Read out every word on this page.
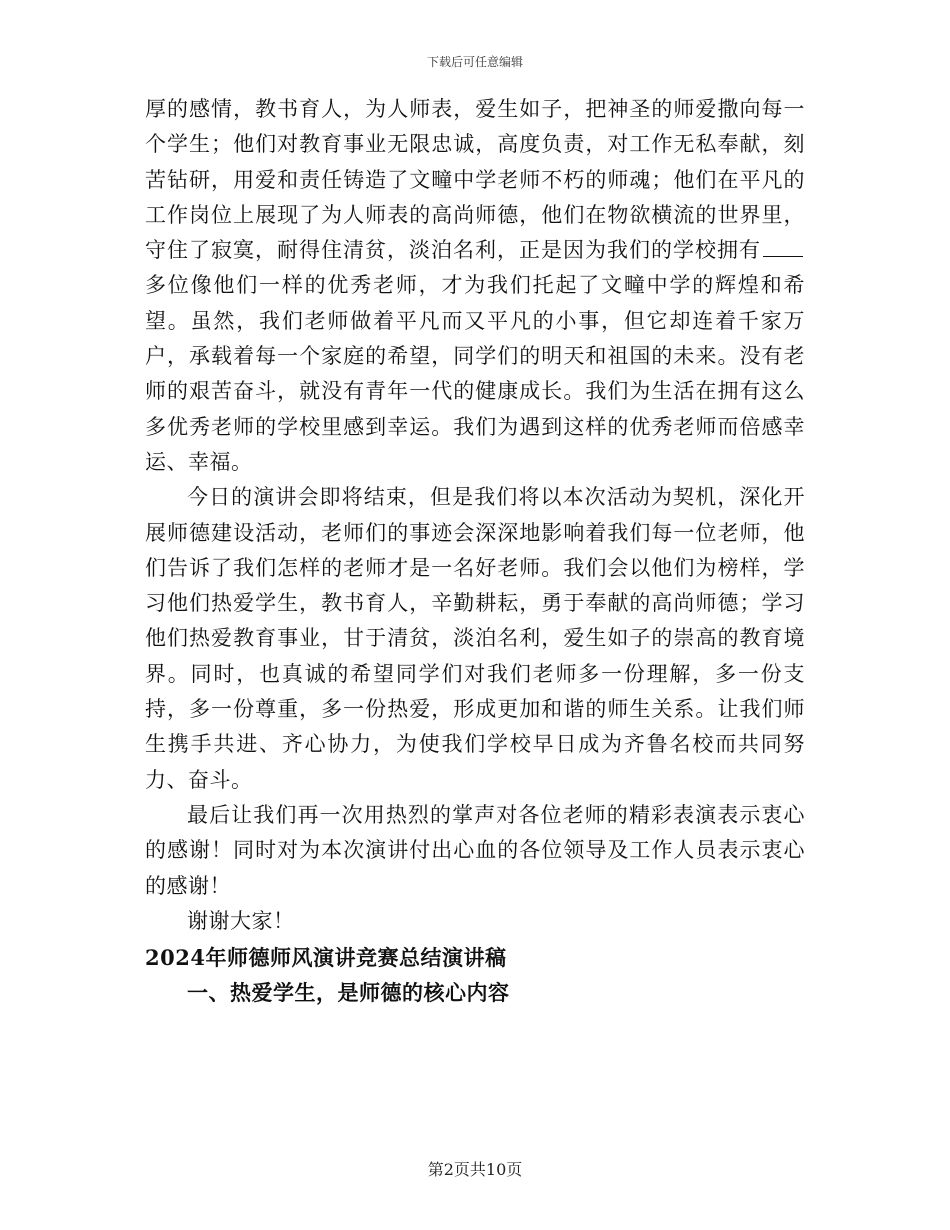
下载后可任意编辑

厚的感情，教书育人，为人师表，爱生如子，把神圣的师爱撒向每一个学生；他们对教育事业无限忠诚，高度负责，对工作无私奉献，刻苦钻研，用爱和责任铸造了文疃中学老师不朽的师魂；他们在平凡的工作岗位上展现了为人师表的高尚师德，他们在物欲横流的世界里，守住了寂寞，耐得住清贫，淡泊名利，正是因为我们的学校拥有多位像他们一样的优秀老师，才为我们托起了文疃中学的辉煌和希望。虽然，我们老师做着平凡而又平凡的小事，但它却连着千家万户，承载着每一个家庭的希望，同学们的明天和祖国的未来。没有老师的艰苦奋斗，就没有青年一代的健康成长。我们为生活在拥有这么多优秀老师的学校里感到幸运。我们为遇到这样的优秀老师而倍感幸运、幸福。

今日的演讲会即将结束，但是我们将以本次活动为契机，深化开展师德建设活动，老师们的事迹会深深地影响着我们每一位老师，他们告诉了我们怎样的老师才是一名好老师。我们会以他们为榜样，学习他们热爱学生，教书育人，辛勤耕耘，勇于奉献的高尚师德；学习他们热爱教育事业，甘于清贫，淡泊名利，爱生如子的崇高的教育境界。同时，也真诚的希望同学们对我们老师多一份理解，多一份支持，多一份尊重，多一份热爱，形成更加和谐的师生关系。让我们师生携手共进、齐心协力，为使我们学校早日成为齐鲁名校而共同努力、奋斗。

最后让我们再一次用热烈的掌声对各位老师的精彩表演表示衷心的感谢！同时对为本次演讲付出心血的各位领导及工作人员表示衷心的感谢！

谢谢大家！

2024年师德师风演讲竞赛总结演讲稿

一、热爱学生，是师德的核心内容

第2页共10页
